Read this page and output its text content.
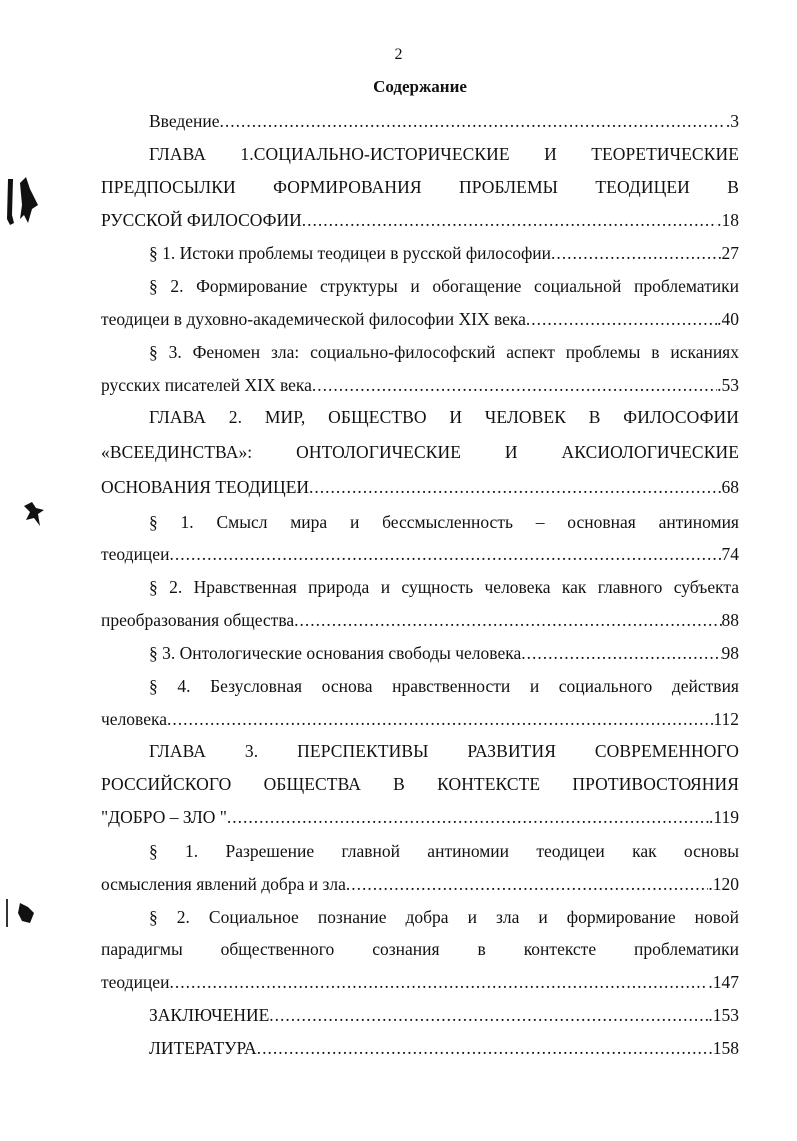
2
Содержание
Введение .....	.3
ГЛАВА 1.СОЦИАЛЬНО-ИСТОРИЧЕСКИЕ И ТЕОРЕТИЧЕСКИЕ
ПРЕДПОСЫЛКИ ФОРМИРОВАНИЯ ПРОБЛЕМЫ ТЕОДИЦЕИ В
РУССКОЙ ФИЛОСОФИИ .....	.18
§ 1. Истоки проблемы теодицеи в русской философии .....	27
§ 2. Формирование структуры и обогащение социальной проблематики
теодицеи в духовно-академической философии XIX века .....	.40
§ 3. Феномен зла: социально-философский аспект проблемы в исканиях
русских писателей XIX века .....	.53
ГЛАВА 2. МИР, ОБЩЕСТВО И ЧЕЛОВЕК В ФИЛОСОФИИ
«ВСЕЕДИНСТВА»: ОНТОЛОГИЧЕСКИЕ И АКСИОЛОГИЧЕСКИЕ
ОСНОВАНИЯ ТЕОДИЦЕИ .....	68
§ 1. Смысл мира и бессмысленность – основная антиномия
теодицеи .....	74
§ 2. Нравственная природа и сущность человека как главного субъекта
преобразования общества .....	88
§ 3. Онтологические основания свободы человека .....	98
§ 4. Безусловная основа нравственности и социального действия
человека .....	112
ГЛАВА 3. ПЕРСПЕКТИВЫ РАЗВИТИЯ СОВРЕМЕННОГО
РОССИЙСКОГО ОБЩЕСТВА В КОНТЕКСТЕ ПРОТИВОСТОЯНИЯ
"ДОБРО – ЗЛО " .....	.119
§ 1. Разрешение главной антиномии теодицеи как основы
осмысления явлений добра и зла .....	.120
§ 2. Социальное познание добра и зла и формирование новой
парадигмы общественного сознания в контексте проблематики
теодицеи .....	.147
ЗАКЛЮЧЕНИЕ .....	.153
ЛИТЕРАТУРА .....	.158
